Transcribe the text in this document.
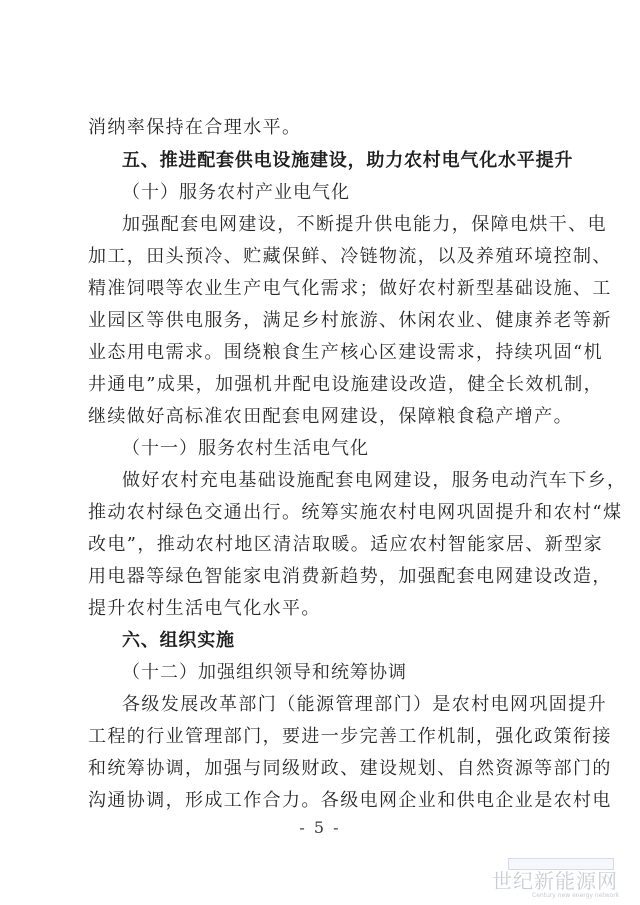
消纳率保持在合理水平。
五、推进配套供电设施建设，助力农村电气化水平提升
（十）服务农村产业电气化
加强配套电网建设，不断提升供电能力，保障电烘干、电
加工，田头预冷、贮藏保鲜、冷链物流，以及养殖环境控制、
精准饲喂等农业生产电气化需求；做好农村新型基础设施、工
业园区等供电服务，满足乡村旅游、休闲农业、健康养老等新
业态用电需求。围绕粮食生产核心区建设需求，持续巩固“机
井通电”成果，加强机井配电设施建设改造，健全长效机制，
继续做好高标准农田配套电网建设，保障粮食稳产增产。
（十一）服务农村生活电气化
做好农村充电基础设施配套电网建设，服务电动汽车下乡，
推动农村绿色交通出行。统筹实施农村电网巩固提升和农村“煤
改电”，推动农村地区清洁取暖。适应农村智能家居、新型家
用电器等绿色智能家电消费新趋势，加强配套电网建设改造，
提升农村生活电气化水平。
六、组织实施
（十二）加强组织领导和统筹协调
各级发展改革部门（能源管理部门）是农村电网巩固提升
工程的行业管理部门，要进一步完善工作机制，强化政策衔接
和统筹协调，加强与同级财政、建设规划、自然资源等部门的
沟通协调，形成工作合力。各级电网企业和供电企业是农村电
- 5 -
世纪新能源网
Century new energy network
